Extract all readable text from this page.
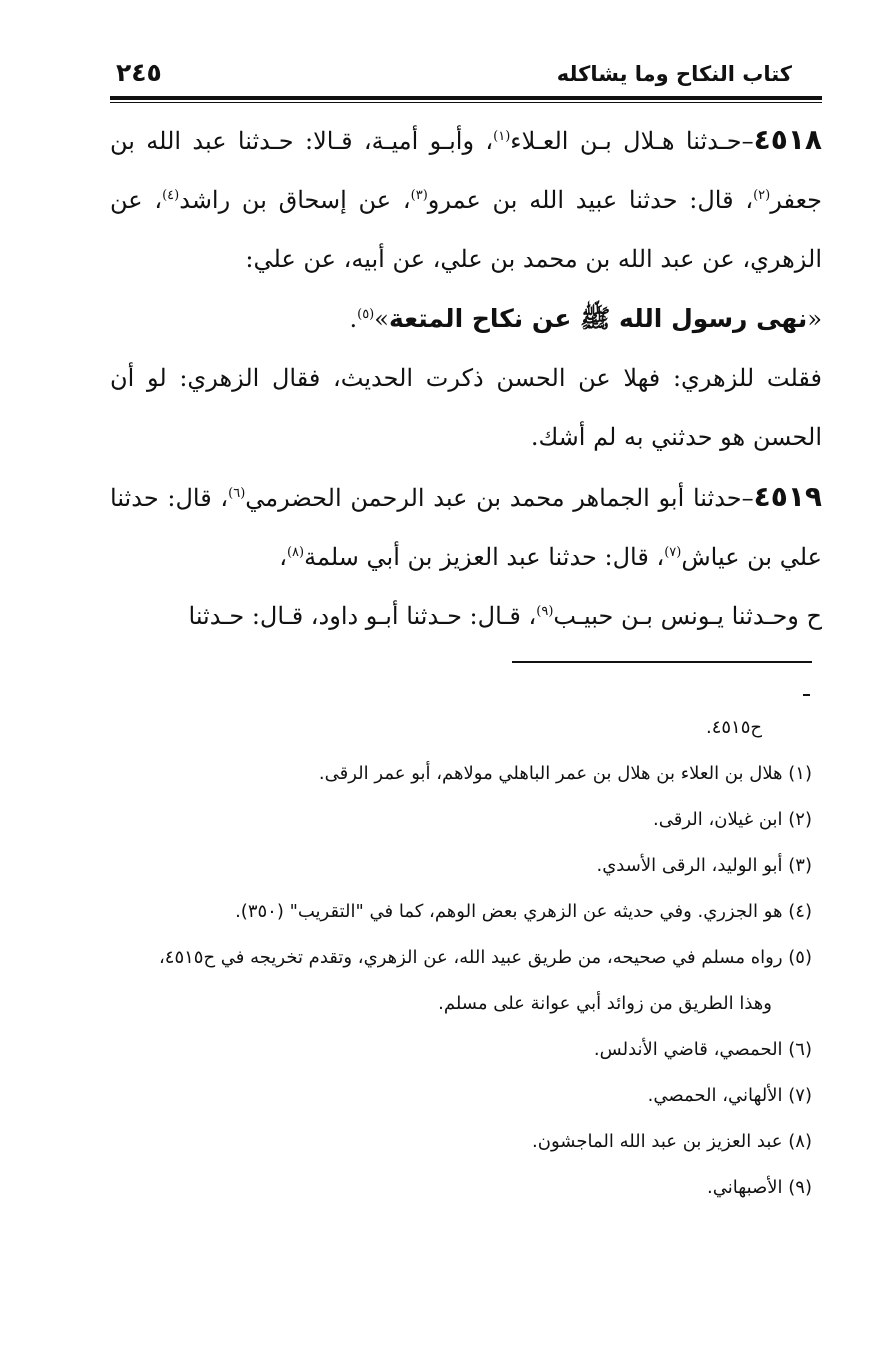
كتاب النكاح وما يشاكله
٢٤٥

٤٥١٨–حـدثنا هـلال بـن العـلاء$^{(١)}$، وأبـو أميـة، قـالا: حـدثنا عبد الله بن جعفر$^{(٢)}$، قال: حدثنا عبيد الله بن عمرو$^{(٣)}$، عن إسحاق بن راشد$^{(٤)}$، عن الزهري، عن عبد الله بن محمد بن علي، عن أبيه، عن علي:
«نهى رسول الله ﷺ عن نكاح المتعة»$^{(٥)}$.

فقلت للزهري: فهلا عن الحسن ذكرت الحديث، فقال الزهري: لو أن الحسن هو حدثني به لم أشك.

٤٥١٩–حدثنا أبو الجماهر محمد بن عبد الرحمن الحضرمي$^{(٦)}$، قال: حدثنا علي بن عياش$^{(٧)}$، قال: حدثنا عبد العزيز بن أبي سلمة$^{(٨)}$،

ح وحـدثنا يـونس بـن حبيـب$^{(٩)}$، قـال: حـدثنا أبـو داود، قـال: حـدثنا

ح٤٥١٥.

(١) هلال بن العلاء بن هلال بن عمر الباهلي مولاهم، أبو عمر الرقى.

(٢) ابن غيلان، الرقى.

(٣) أبو الوليد، الرقى الأسدي.

(٤) هو الجزري. وفي حديثه عن الزهري بعض الوهم، كما في "التقريب" (٣٥٠).

(٥) رواه مسلم في صحيحه، من طريق عبيد الله، عن الزهري، وتقدم تخريجه في ح٤٥١٥،

وهذا الطريق من زوائد أبي عوانة على مسلم.

(٦) الحمصي، قاضي الأندلس.

(٧) الألهاني، الحمصي.

(٨) عبد العزيز بن عبد الله الماجشون.

(٩) الأصبهاني.
